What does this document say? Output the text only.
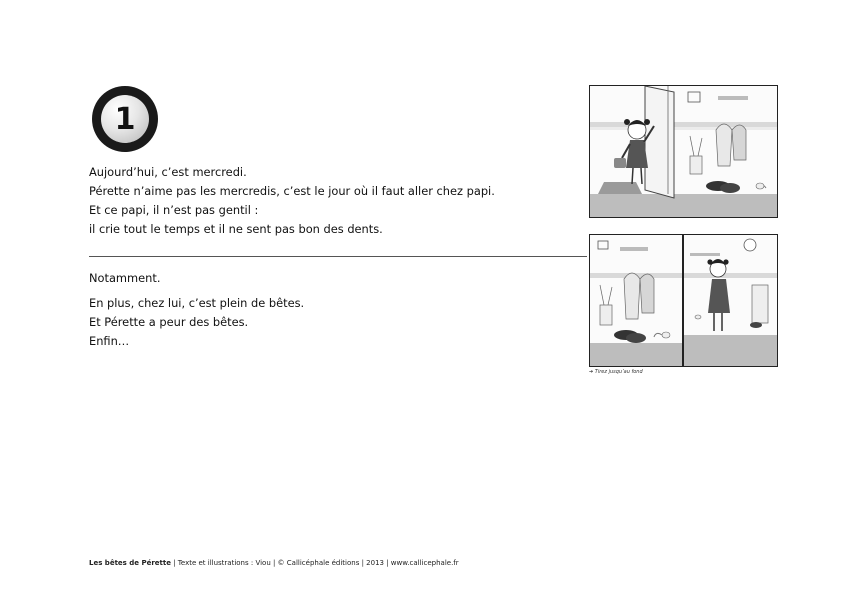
1

Aujourd’hui, c’est mercredi.

Pérette n’aime pas les mercredis, c’est le jour où il faut aller chez papi.

Et ce papi, il n’est pas gentil :

il crie tout le temps et il ne sent pas bon des dents.

Notamment.

En plus, chez lui, c’est plein de bêtes.

Et Pérette a peur des bêtes.

Enfin…

➔ Tirez jusqu’au fond
Les bêtes de Pérette | Texte et illustrations : Viou | © Callicéphale éditions | 2013 | www.callicephale.fr
